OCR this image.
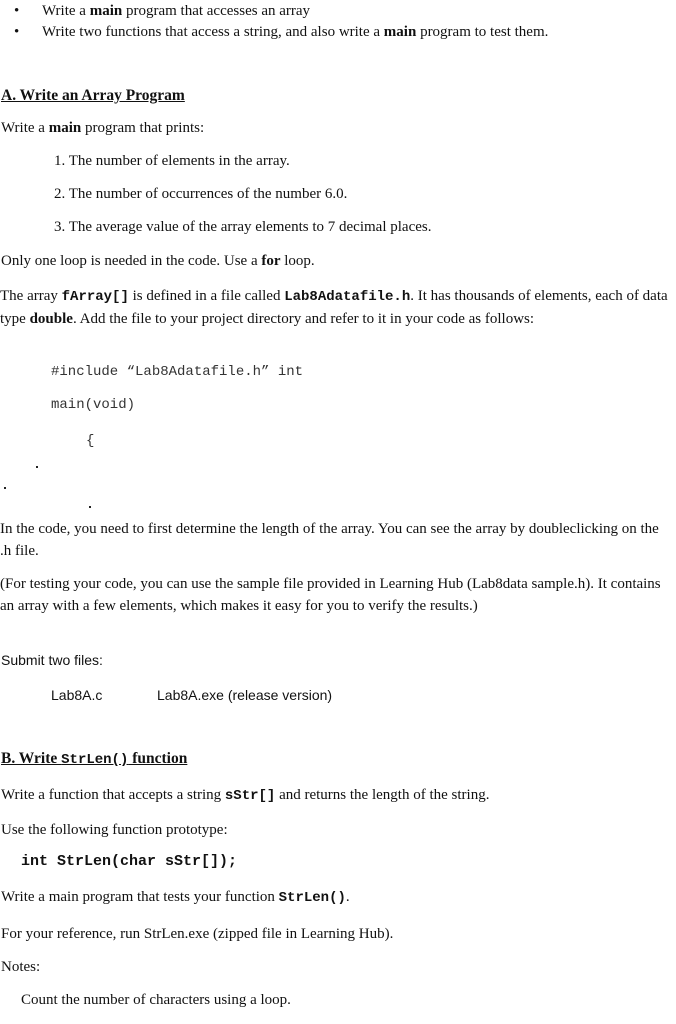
• Write a main program that accesses an array
• Write two functions that access a string, and also write a main program to test them.
A. Write an Array Program
Write a main program that prints:
1. The number of elements in the array.
2. The number of occurrences of the number 6.0.
3. The average value of the array elements to 7 decimal places.
Only one loop is needed in the code. Use a for loop.
The array fArray[] is defined in a file called Lab8Adatafile.h. It has thousands of elements, each of data type double. Add the file to your project directory and refer to it in your code as follows:
#include “Lab8Adatafile.h” int
main(void)
{
In the code, you need to first determine the length of the array. You can see the array by doubleclicking on the .h file.
(For testing your code, you can use the sample file provided in Learning Hub (Lab8data sample.h). It contains an array with a few elements, which makes it easy for you to verify the results.)
Submit two files:
Lab8A.c	Lab8A.exe (release version)
B. Write StrLen() function
Write a function that accepts a string sStr[] and returns the length of the string.
Use the following function prototype:
int StrLen(char sStr[]);
Write a main program that tests your function StrLen().
For your reference, run StrLen.exe (zipped file in Learning Hub).
Notes:
Count the number of characters using a loop.
